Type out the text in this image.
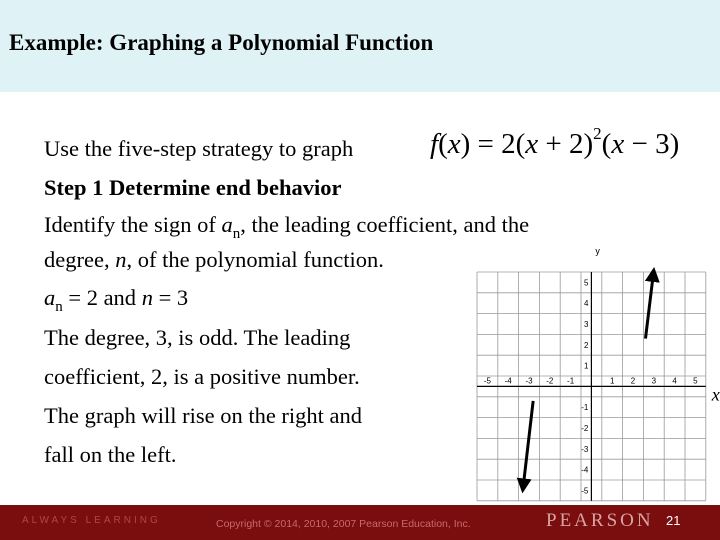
Example: Graphing a Polynomial Function
Use the five-step strategy to graph	$f(x) = 2(x + 2)^2(x - 3)$
Step 1 Determine end behavior
Identify the sign of $a_n$, the leading coefficient, and the
degree, n, of the polynomial function.
$a_n = 2$ and n = 3
The degree, 3, is odd. The leading
coefficient, 2, is a positive number.
The graph will rise on the right and
fall on the left.
-5 -4 -3 -2 -1	1 2 3 4 5
1
2
3
4
5
-1
-2
-3
-4
-5
x
y
ALWAYS LEARNING	Copyright © 2014, 2010, 2007 Pearson Education, Inc.	PEARSON 21
